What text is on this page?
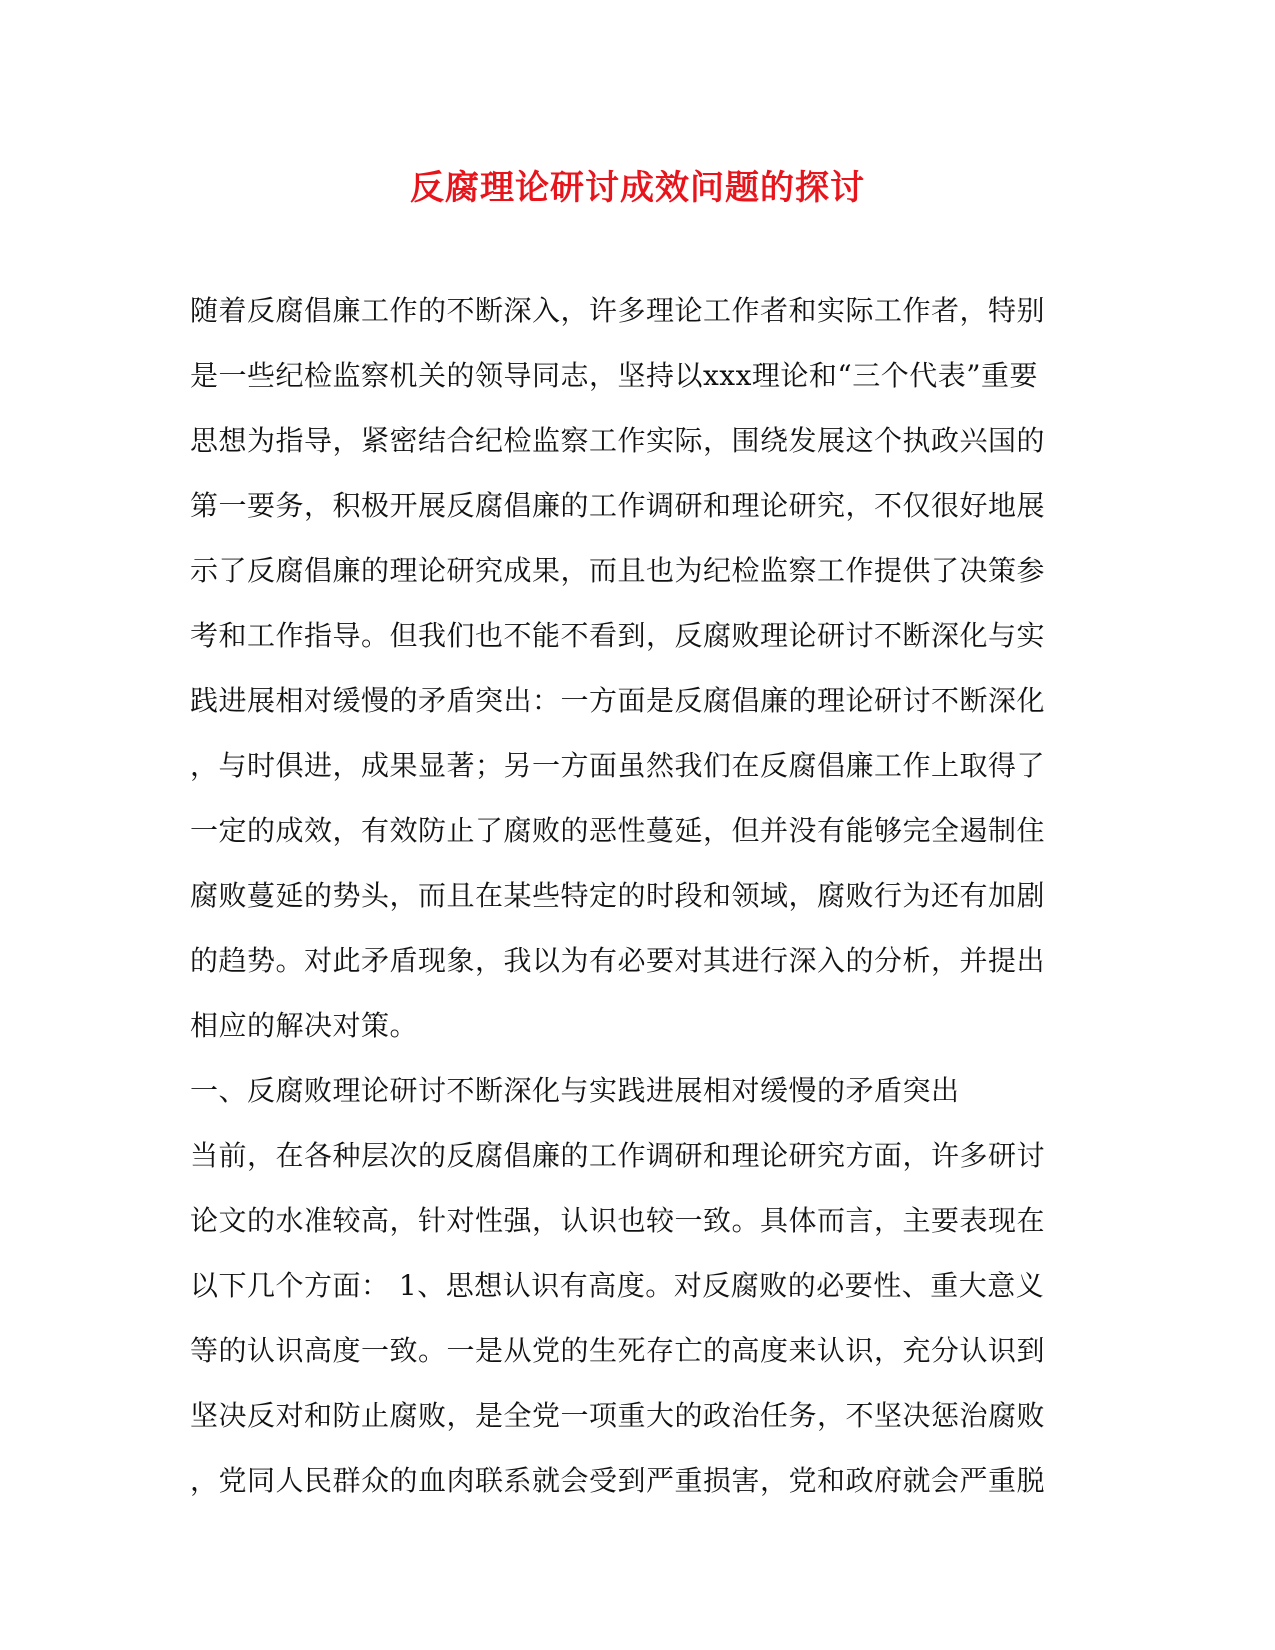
反腐理论研讨成效问题的探讨
随着反腐倡廉工作的不断深入，许多理论工作者和实际工作者，特别
是一些纪检监察机关的领导同志，坚持以xxx理论和“三个代表”重要
思想为指导，紧密结合纪检监察工作实际，围绕发展这个执政兴国的
第一要务，积极开展反腐倡廉的工作调研和理论研究，不仅很好地展
示了反腐倡廉的理论研究成果，而且也为纪检监察工作提供了决策参
考和工作指导。但我们也不能不看到，反腐败理论研讨不断深化与实
践进展相对缓慢的矛盾突出：一方面是反腐倡廉的理论研讨不断深化
，与时俱进，成果显著；另一方面虽然我们在反腐倡廉工作上取得了
一定的成效，有效防止了腐败的恶性蔓延，但并没有能够完全遏制住
腐败蔓延的势头，而且在某些特定的时段和领域，腐败行为还有加剧
的趋势。对此矛盾现象，我以为有必要对其进行深入的分析，并提出
相应的解决对策。
一、反腐败理论研讨不断深化与实践进展相对缓慢的矛盾突出
当前，在各种层次的反腐倡廉的工作调研和理论研究方面，许多研讨
论文的水准较高，针对性强，认识也较一致。具体而言，主要表现在
以下几个方面： 1、思想认识有高度。对反腐败的必要性、重大意义
等的认识高度一致。一是从党的生死存亡的高度来认识，充分认识到
坚决反对和防止腐败，是全党一项重大的政治任务，不坚决惩治腐败
，党同人民群众的血肉联系就会受到严重损害，党和政府就会严重脱
